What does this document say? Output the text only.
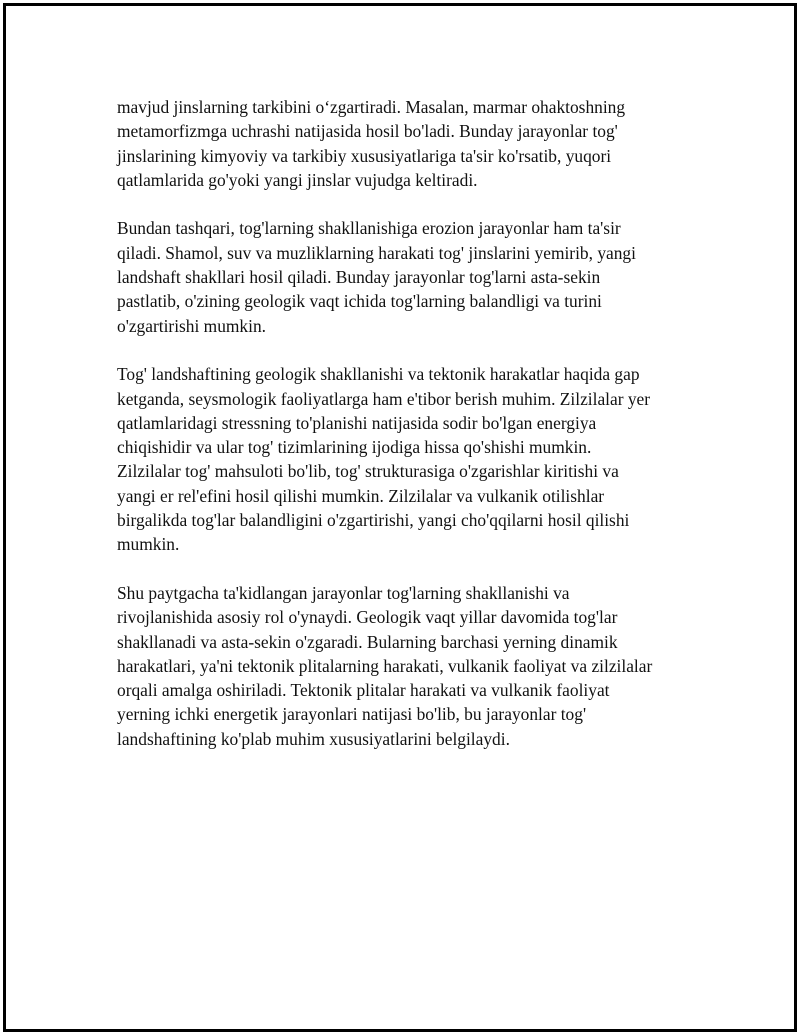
mavjud jinslarning tarkibini o‘zgartiradi. Masalan, marmar ohaktoshning
metamorfizmga uchrashi natijasida hosil bo'ladi. Bunday jarayonlar tog'
jinslarining kimyoviy va tarkibiy xususiyatlariga ta'sir ko'rsatib, yuqori
qatlamlarida go'yoki yangi jinslar vujudga keltiradi.

Bundan tashqari, tog'larning shakllanishiga erozion jarayonlar ham ta'sir
qiladi. Shamol, suv va muzliklarning harakati tog' jinslarini yemirib, yangi
landshaft shakllari hosil qiladi. Bunday jarayonlar tog'larni asta-sekin
pastlatib, o'zining geologik vaqt ichida tog'larning balandligi va turini
o'zgartirishi mumkin.

Tog' landshaftining geologik shakllanishi va tektonik harakatlar haqida gap
ketganda, seysmologik faoliyatlarga ham e'tibor berish muhim. Zilzilalar yer
qatlamlaridagi stressning to'planishi natijasida sodir bo'lgan energiya
chiqishidir va ular tog' tizimlarining ijodiga hissa qo'shishi mumkin.
Zilzilalar tog' mahsuloti bo'lib, tog' strukturasiga o'zgarishlar kiritishi va
yangi er rel'efini hosil qilishi mumkin. Zilzilalar va vulkanik otilishlar
birgalikda tog'lar balandligini o'zgartirishi, yangi cho'qqilarni hosil qilishi
mumkin.

Shu paytgacha ta'kidlangan jarayonlar tog'larning shakllanishi va
rivojlanishida asosiy rol o'ynaydi. Geologik vaqt yillar davomida tog'lar
shakllanadi va asta-sekin o'zgaradi. Bularning barchasi yerning dinamik
harakatlari, ya'ni tektonik plitalarning harakati, vulkanik faoliyat va zilzilalar
orqali amalga oshiriladi. Tektonik plitalar harakati va vulkanik faoliyat
yerning ichki energetik jarayonlari natijasi bo'lib, bu jarayonlar tog'
landshaftining ko'plab muhim xususiyatlarini belgilaydi.
